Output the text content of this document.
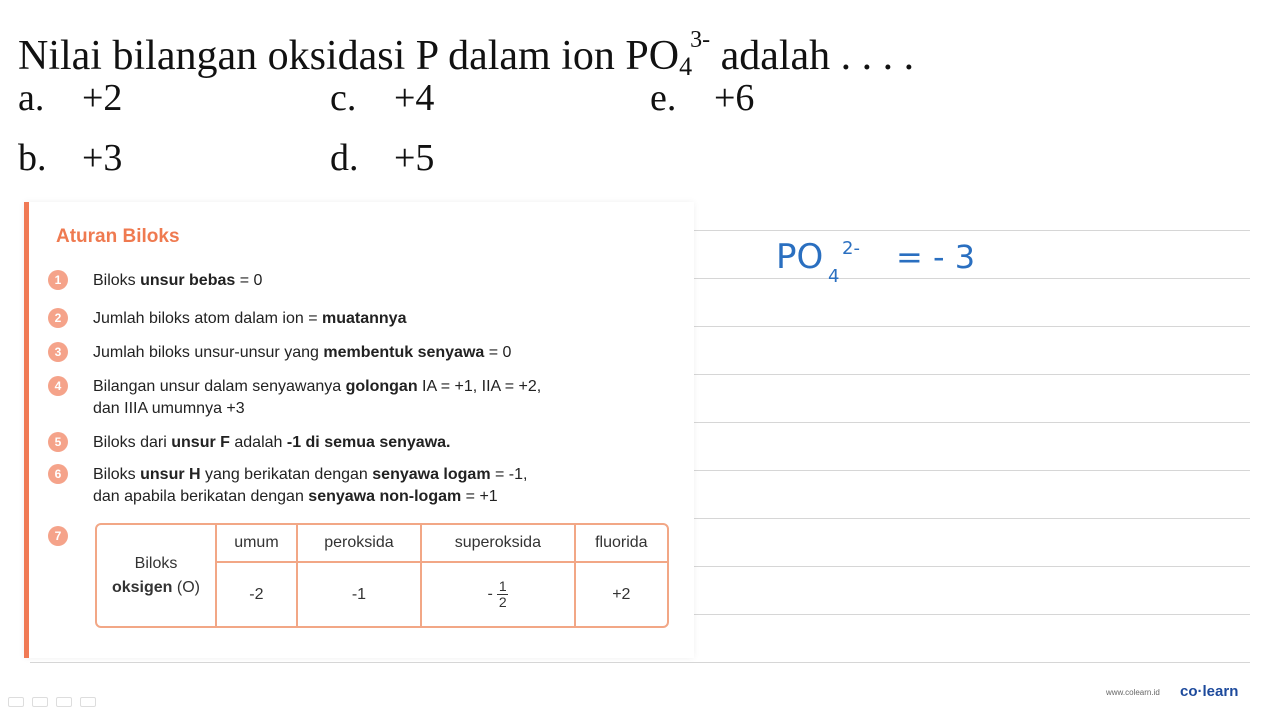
Nilai bilangan oksidasi P dalam ion $PO_4^{3-}$ adalah . . . .
a. +2
b. +3
c. +4
d. +5
e. +6
Aturan Biloks
1	Biloks unsur bebas = 0
2	Jumlah biloks atom dalam ion = muatannya
3	Jumlah biloks unsur-unsur yang membentuk senyawa = 0
4	Bilangan unsur dalam senyawanya golongan IA = +1, IIA = +2,
dan IIIA umumnya +3
5	Biloks dari unsur F adalah -1 di semua senyawa.
6	Biloks unsur H yang berikatan dengan senyawa logam = -1,
dan apabila berikatan dengan senyawa non-logam = +1
7
Biloks
oksigen (O)	umum	peroksida	superoksida	fluorida
	-2	-1	- $\frac{1}{2}$	+2
PO 4
2- = - 3
www.colearn.id co·learn
